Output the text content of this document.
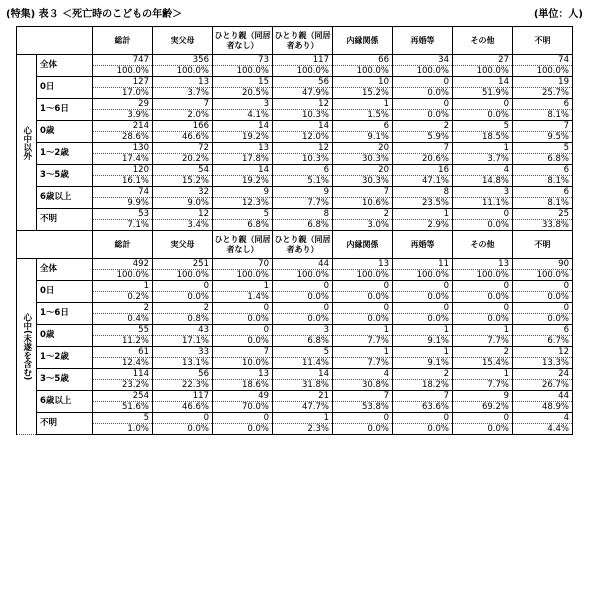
(特集) 表３ ＜死亡時のこどもの年齢＞	(単位：人)
		総計	実父母	ひとり親（同居者なし）	ひとり親（同居者あり）	内縁関係	再婚等	その他	不明
心中以外	全体	747	356	73	117	66	34	27	74
		100.0%	100.0%	100.0%	100.0%	100.0%	100.0%	100.0%	100.0%
	0日	127	13	15	56	10	0	14	19
		17.0%	3.7%	20.5%	47.9%	15.2%	0.0%	51.9%	25.7%
	1～6日	29	7	3	12	1	0	0	6
		3.9%	2.0%	4.1%	10.3%	1.5%	0.0%	0.0%	8.1%
	0歳	214	166	14	14	6	2	5	7
		28.6%	46.6%	19.2%	12.0%	9.1%	5.9%	18.5%	9.5%
	1～2歳	130	72	13	12	20	7	1	5
		17.4%	20.2%	17.8%	10.3%	30.3%	20.6%	3.7%	6.8%
	3～5歳	120	54	14	6	20	16	4	6
		16.1%	15.2%	19.2%	5.1%	30.3%	47.1%	14.8%	8.1%
	6歳以上	74	32	9	9	7	8	3	6
		9.9%	9.0%	12.3%	7.7%	10.6%	23.5%	11.1%	8.1%
	不明	53	12	5	8	2	1	0	25
		7.1%	3.4%	6.8%	6.8%	3.0%	2.9%	0.0%	33.8%
		総計	実父母	ひとり親（同居者なし）	ひとり親（同居者あり）	内縁関係	再婚等	その他	不明
心中(未遂を含む)	全体	492	251	70	44	13	11	13	90
		100.0%	100.0%	100.0%	100.0%	100.0%	100.0%	100.0%	100.0%
	0日	1	0	1	0	0	0	0	0
		0.2%	0.0%	1.4%	0.0%	0.0%	0.0%	0.0%	0.0%
	1～6日	2	2	0	0	0	0	0	0
		0.4%	0.8%	0.0%	0.0%	0.0%	0.0%	0.0%	0.0%
	0歳	55	43	0	3	1	1	1	6
		11.2%	17.1%	0.0%	6.8%	7.7%	9.1%	7.7%	6.7%
	1～2歳	61	33	7	5	1	1	2	12
		12.4%	13.1%	10.0%	11.4%	7.7%	9.1%	15.4%	13.3%
	3～5歳	114	56	13	14	4	2	1	24
		23.2%	22.3%	18.6%	31.8%	30.8%	18.2%	7.7%	26.7%
	6歳以上	254	117	49	21	7	7	9	44
		51.6%	46.6%	70.0%	47.7%	53.8%	63.6%	69.2%	48.9%
	不明	5	0	0	1	0	0	0	4
		1.0%	0.0%	0.0%	2.3%	0.0%	0.0%	0.0%	4.4%
